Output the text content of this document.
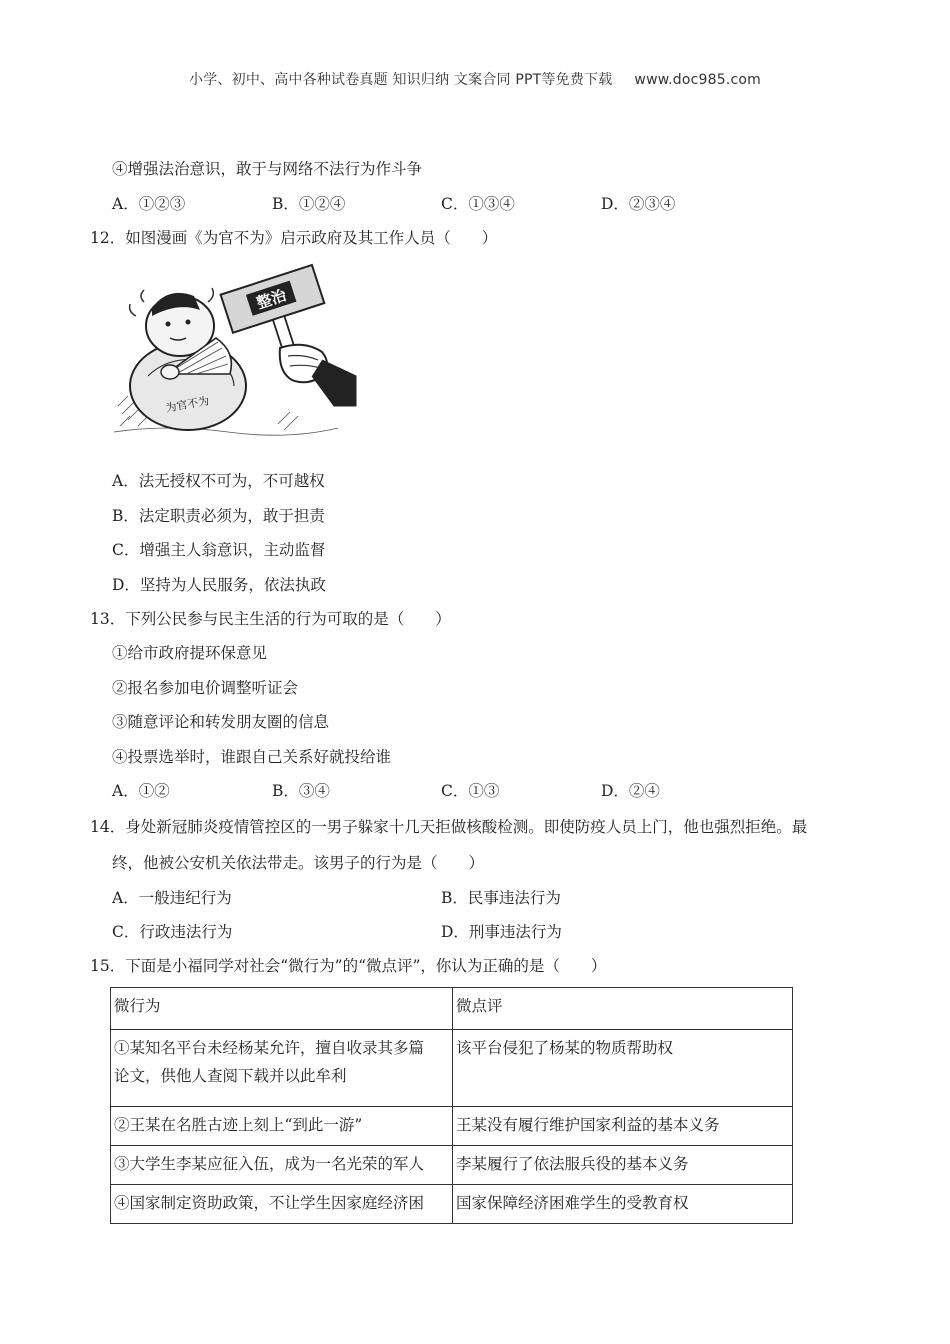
小学、初中、高中各种试卷真题 知识归纳 文案合同 PPT等免费下载 www.doc985.com
④增强法治意识，敢于与网络不法行为作斗争
A．①②③	B．①②④	C．①③④	D．②③④
12．如图漫画《为官不为》启示政府及其工作人员（　　）
为官不为
整治
A．法无授权不可为，不可越权
B．法定职责必须为，敢于担责
C．增强主人翁意识，主动监督
D．坚持为人民服务，依法执政
13．下列公民参与民主生活的行为可取的是（　　）
①给市政府提环保意见
②报名参加电价调整听证会
③随意评论和转发朋友圈的信息
④投票选举时，谁跟自己关系好就投给谁
A．①②	B．③④	C．①③	D．②④
14．身处新冠肺炎疫情管控区的一男子躲家十几天拒做核酸检测。即使防疫人员上门，他也强烈拒绝。最
终，他被公安机关依法带走。该男子的行为是（　　）
A．一般违纪行为	B．民事违法行为
C．行政违法行为	D．刑事违法行为
15．下面是小福同学对社会“微行为”的“微点评”，你认为正确的是（　　）
微行为	微点评

①某知名平台未经杨某允许，擅自收录其多篇
论文，供他人查阅下载并以此牟利	该平台侵犯了杨某的物质帮助权

②王某在名胜古迹上刻上“到此一游”	王某没有履行维护国家利益的基本义务

③大学生李某应征入伍，成为一名光荣的军人	李某履行了依法服兵役的基本义务

④国家制定资助政策，不让学生因家庭经济困	国家保障经济困难学生的受教育权
